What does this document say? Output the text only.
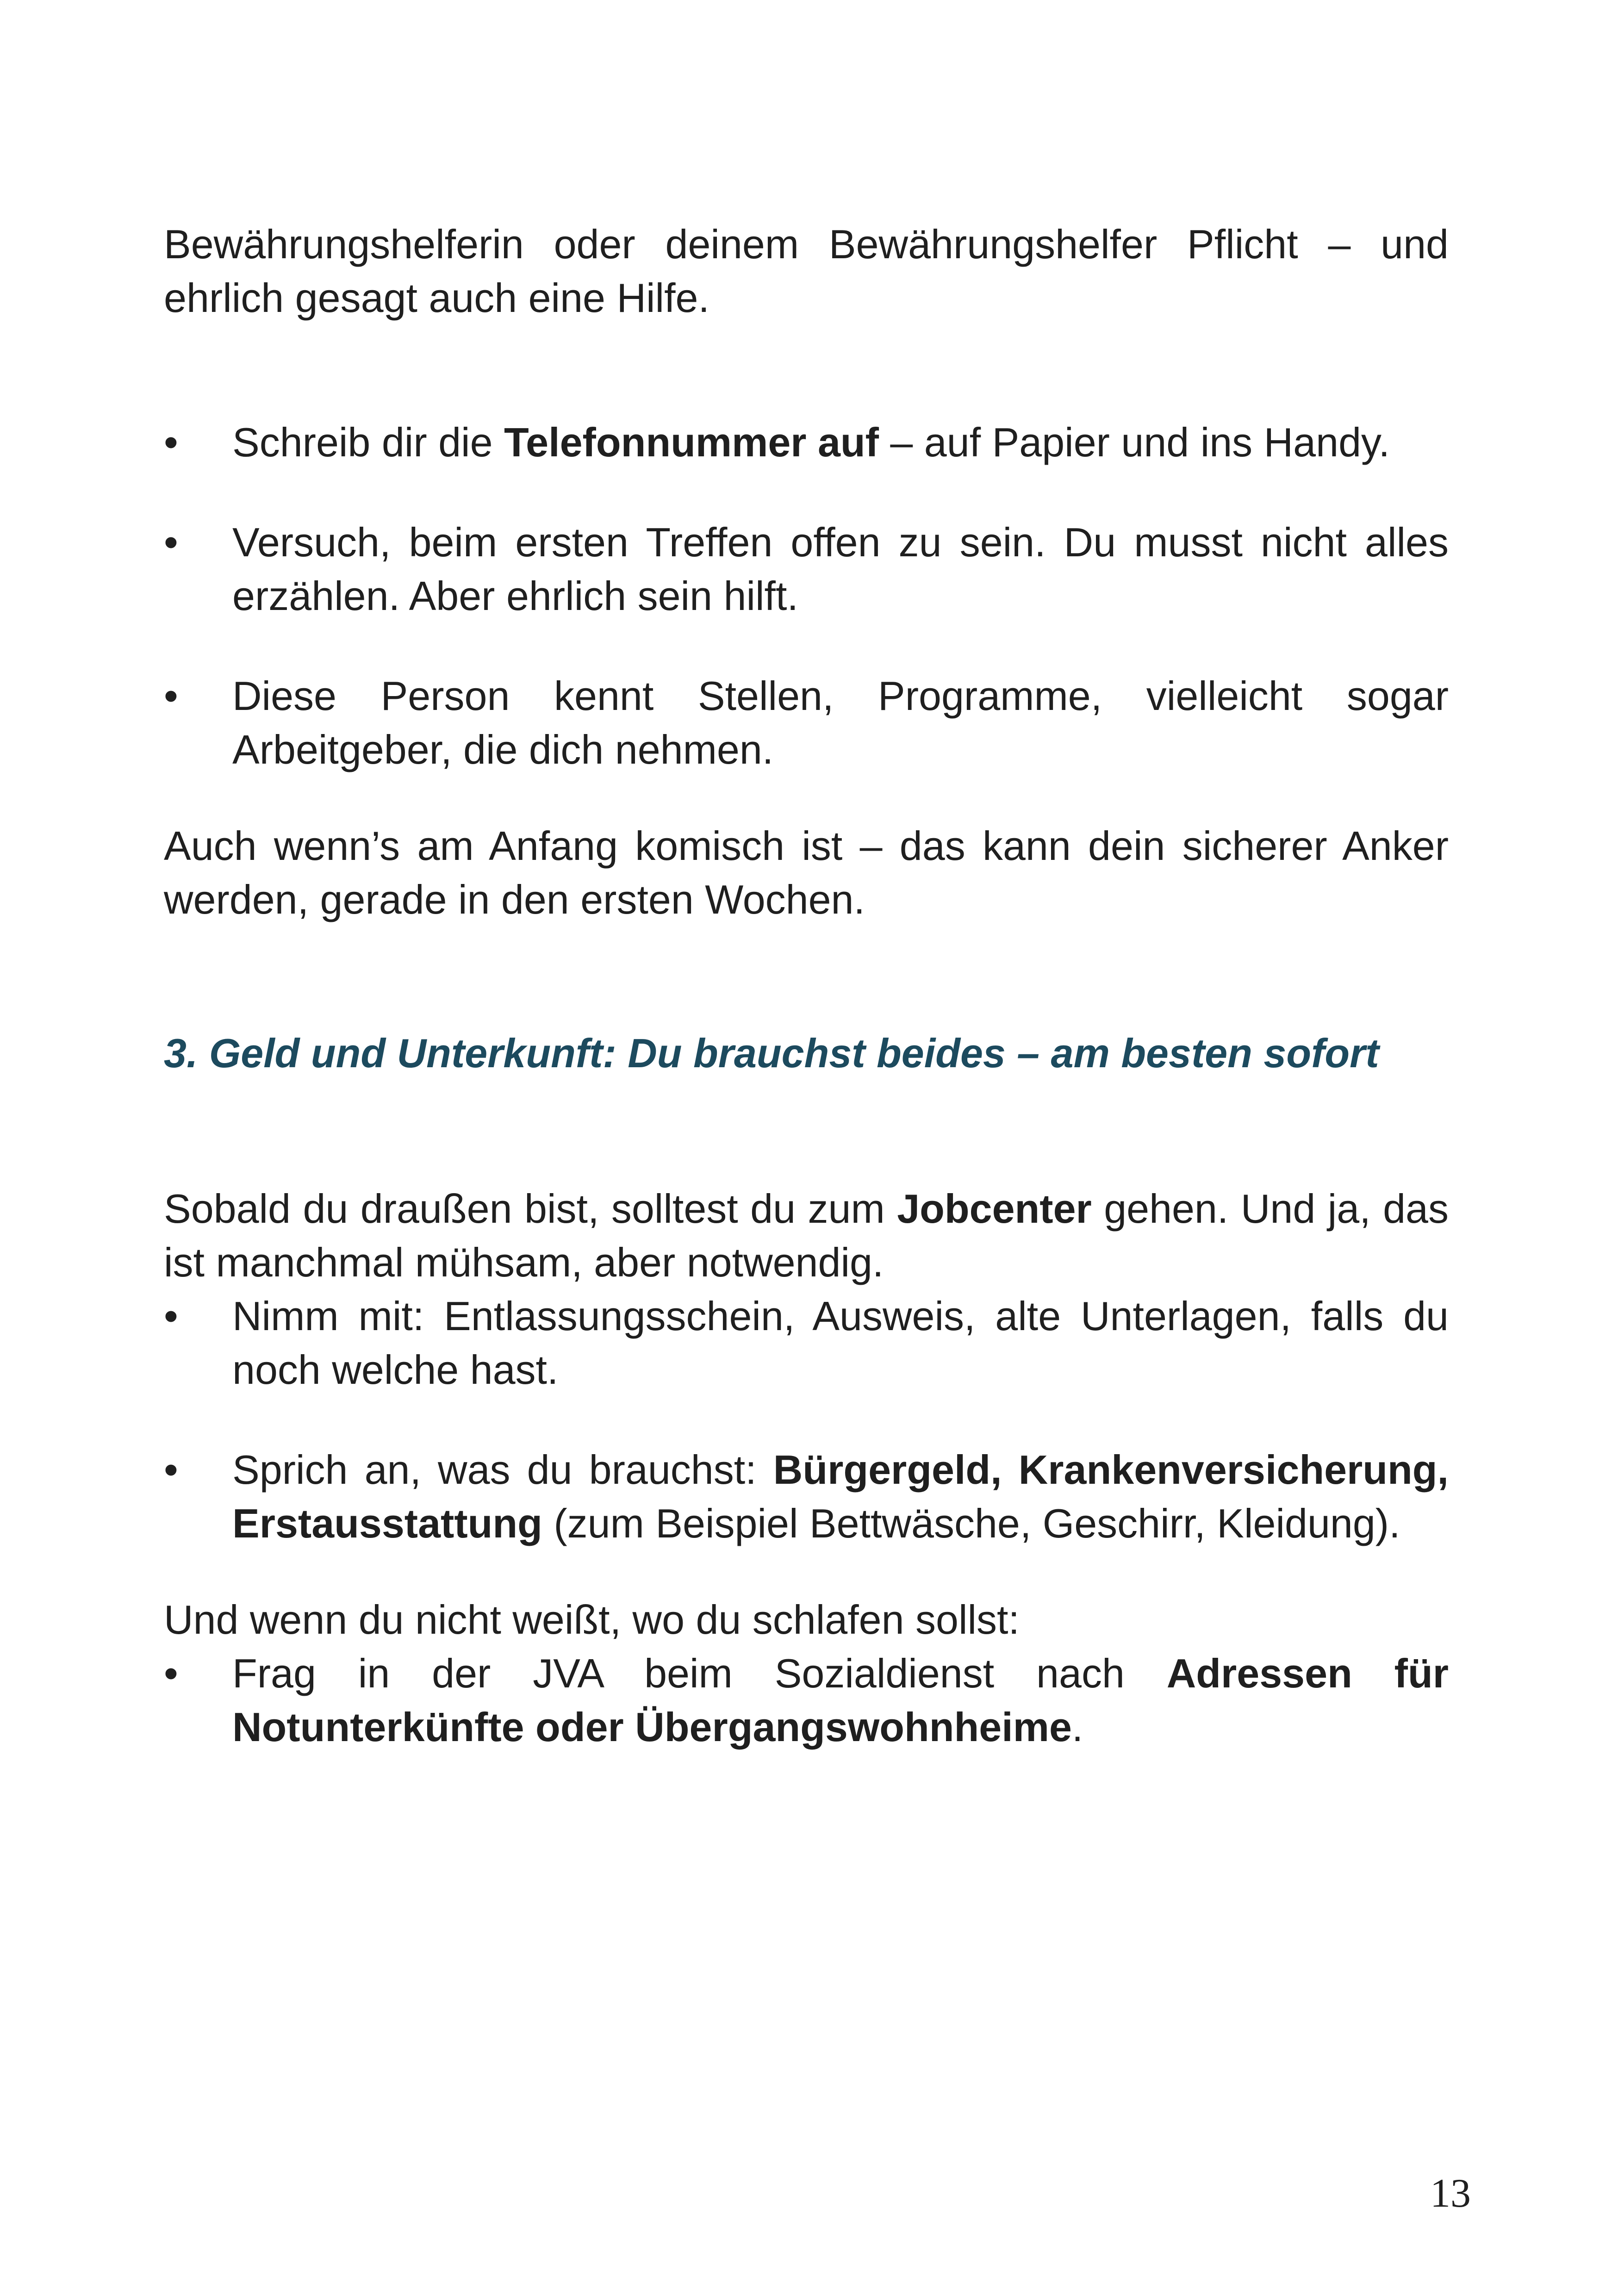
Bewährungshelferin oder deinem Bewährungshelfer Pflicht – und ehrlich gesagt auch eine Hilfe.

•	Schreib dir die Telefonnummer auf – auf Papier und ins Handy.
•	Versuch, beim ersten Treffen offen zu sein. Du musst nicht alles erzählen. Aber ehrlich sein hilft.
•	Diese Person kennt Stellen, Programme, vielleicht sogar Arbeitgeber, die dich nehmen.

Auch wenn’s am Anfang komisch ist – das kann dein sicherer Anker werden, gerade in den ersten Wochen.

3. Geld und Unterkunft: Du brauchst beides – am besten sofort

Sobald du draußen bist, solltest du zum Jobcenter gehen. Und ja, das ist manchmal mühsam, aber notwendig.

•	Nimm mit: Entlassungsschein, Ausweis, alte Unterlagen, falls du noch welche hast.
•	Sprich an, was du brauchst: Bürgergeld, Krankenversicherung, Erstausstattung (zum Beispiel Bettwäsche, Geschirr, Kleidung).

Und wenn du nicht weißt, wo du schlafen sollst:

•	Frag in der JVA beim Sozialdienst nach Adressen für Notunterkünfte oder Übergangswohnheime.
13
